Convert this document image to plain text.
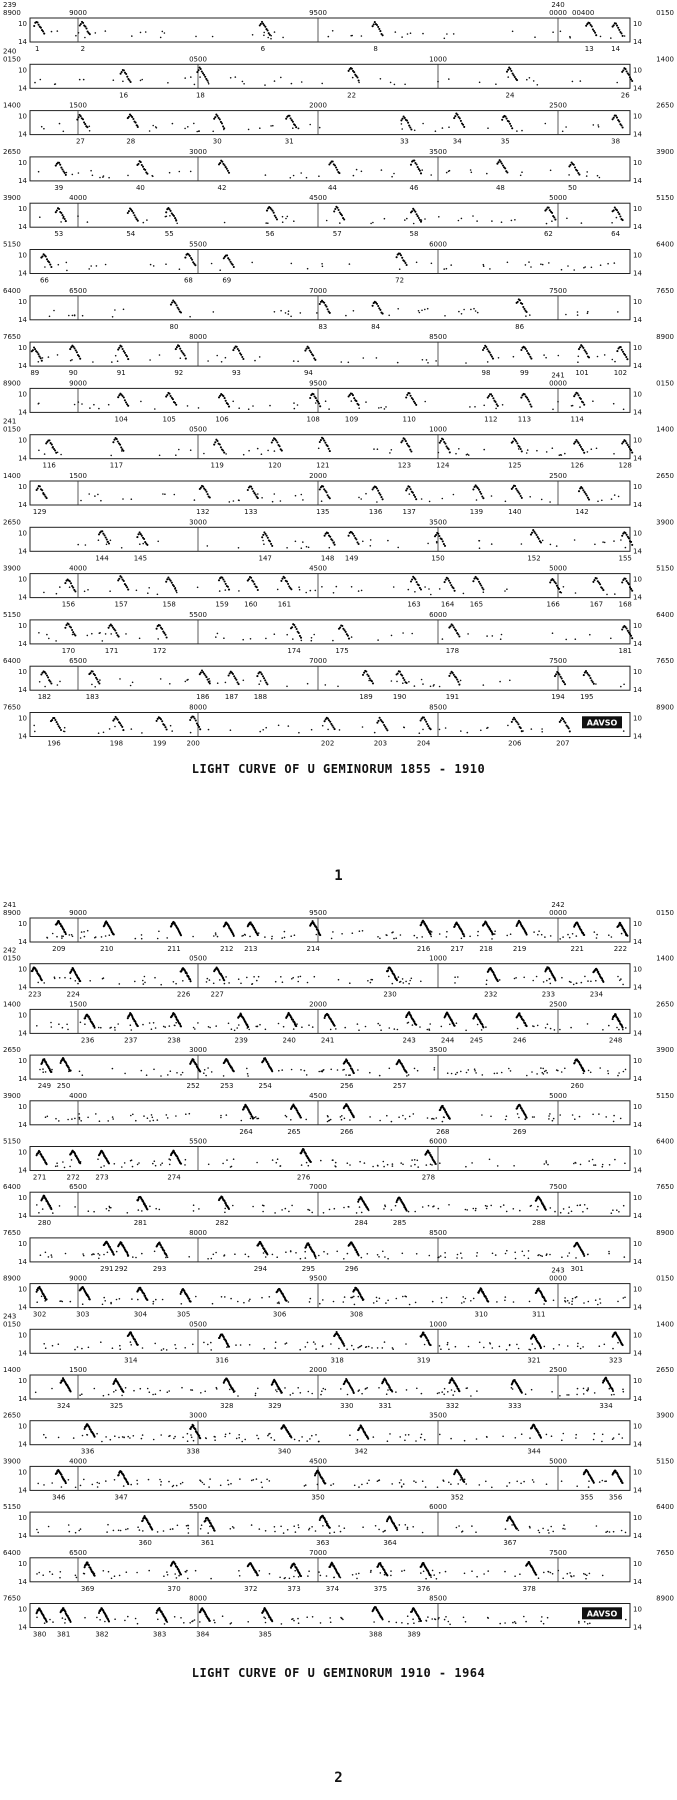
10
14
10
14
239
8900	0150
9000	9500	0000
240
00400
1	2	6	8	13 14
10
14
10
14
240
0150	1400
0500	1000
16	18	22	24	26
10
14
10
14
1400	2650
1500	2000	2500
27	28	30	31	33	34	35	38
10
14
10
14
2650	3900
3000	3500
39	40	42	44	46	48	50
10
14
10
14
3900	5150
4000	4500	5000
53	54	55	56	57	58	62	64
10
14
10
14
5150	6400
5500	6000
66	68	69	72
10
14
10
14
6400	7650
6500	7000	7500
80	83	84	86
10
14
10
14
7650	8900
8000	8500
89	90	91	92	93	94	98	99	101	102
10
14
10
14
8900	0150
9000	9500	0000
241
104	105	106	108	109	110	112	113	114
10
14
10
14
241
0150	1400
0500	1000
116	117	119	120	121	123	124	125	126	128
10
14
10
14
1400	2650
1500	2000	2500
129	132	133	135	136	137	139	140	142
10
14
10
14
2650	3900
3000	3500
144	145	147	148 149	150	152	155
10
14
10
14
3900	5150
4000	4500	5000
156	157	158	159 160	161	163	164 165	166	167 168
10
14
10
14
5150	6400
5500	6000
170	171	172	174	175	178	181
10
14
10
14
6400	7650
6500	7000	7500
182	183	186 187 188	189	190	191	194 195
10
14
10
14
7650	8900
8000	8500
196	198	199	200	202	203	204	206	207
AAVSO
LIGHT CURVE OF U GEMINORUM 1855 - 1910
1
10
14
10
14
241
8900	0150
9000	9500	0000
242
209	210	211	212 213	214	216	217 218	219	221	222
10
14
10
14
242
0150	1400
0500	1000
223	224	226	227	230	232	233	234
10
14
10
14
1400	2650
1500	2000	2500
236	237	238	239	240	241	243	244 245	246	248
10
14
10
14
2650	3900
3000	3500
249 250	252	253	254	256	257	260
10
14
10
14
3900	5150
4000	4500	5000
264	265	266	268	269
10
14
10
14
5150	6400
5500	6000
271	272 273	274	276	278
10
14
10
14
6400	7650
6500	7000	7500
280	281	282	284	285	288
10
14
10
14
7650	8900
8000	8500
291 292	293	294	295	296	301
10
14
10
14
8900	0150
9000	9500	0000
243
302	303	304	305	306	308	310	311
10
14
10
14
243
0150	1400
0500	1000
314	316	318	319	321	323
10
14
10
14
1400	2650
1500	2000	2500
324	325	328	329	330	331	332	333	334
10
14
10
14
2650	3900
3000	3500
336	338	340	342	344
10
14
10
14
3900	5150
4000	4500	5000
346	347	350	352	355 356
10
14
10
14
5150	6400
5500	6000
360	361	363	364	367
10
14
10
14
6400	7650
6500	7000	7500
369	370	372	373	374	375	376	378
10
14
10
14
7650	8900
8000	8500
380 381	382	383	384	385	388	389
AAVSO
LIGHT CURVE OF U GEMINORUM 1910 - 1964
2
